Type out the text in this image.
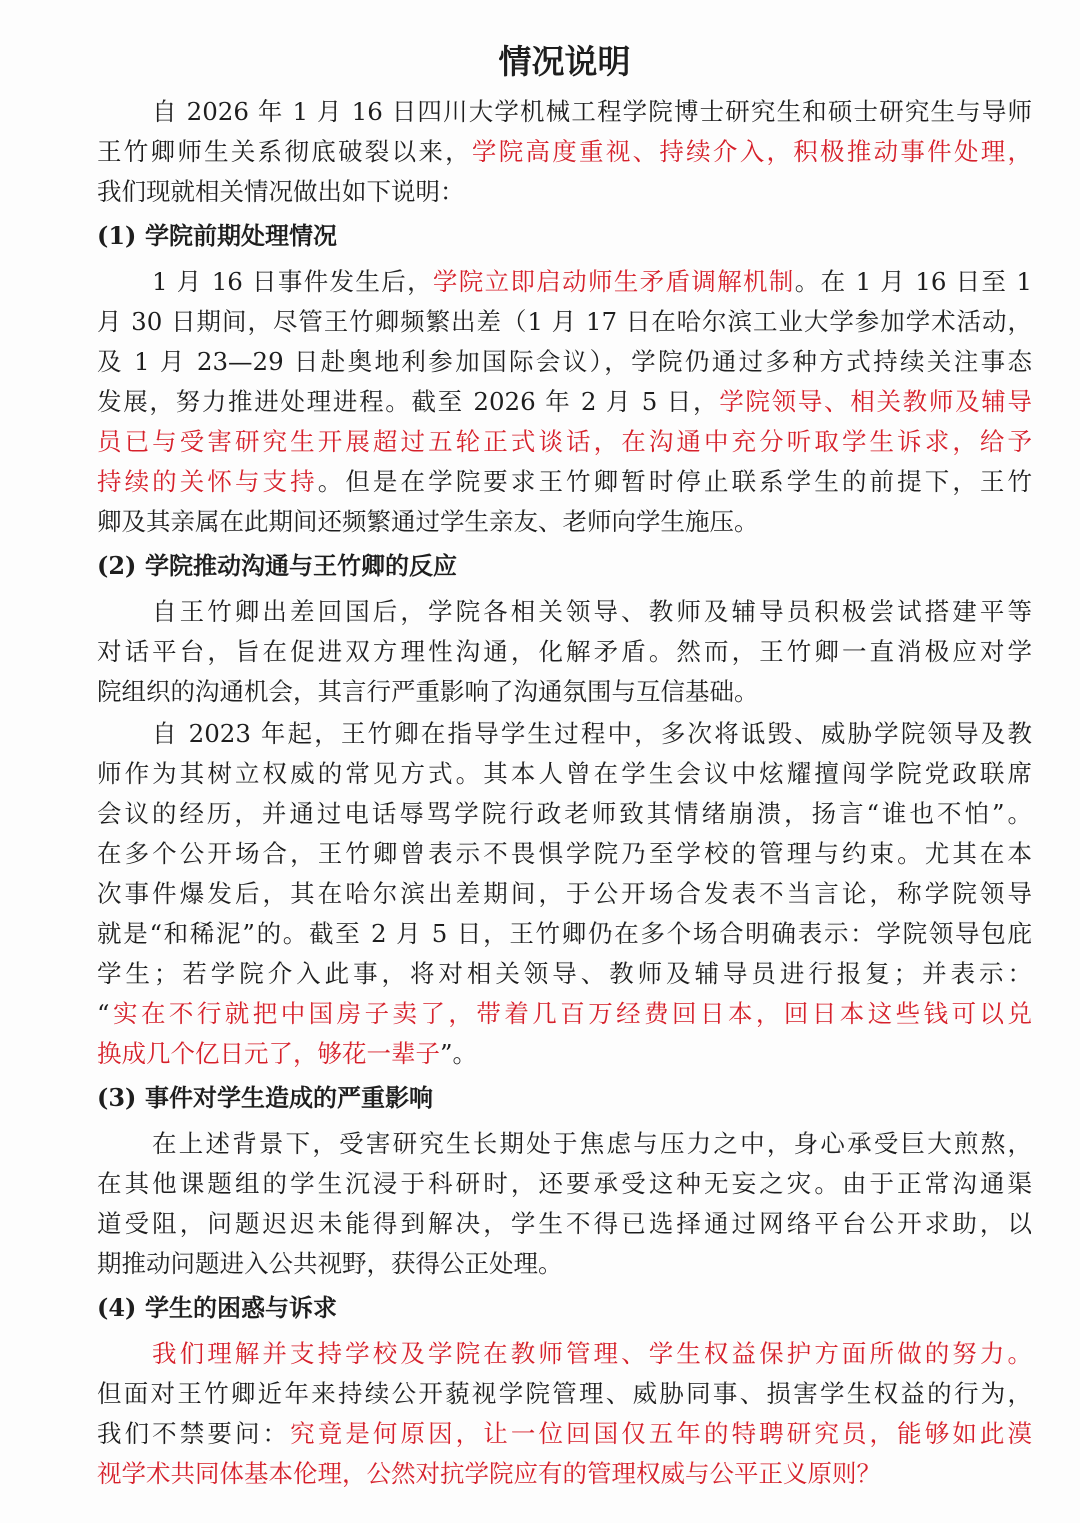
情况说明
自 2026 年 1 月 16 日四川大学机械工程学院博士研究生和硕士研究生与导师
王竹卿师生关系彻底破裂以来，学院高度重视、持续介入，积极推动事件处理，
我们现就相关情况做出如下说明：
(1) 学院前期处理情况
1 月 16 日事件发生后，学院立即启动师生矛盾调解机制。在 1 月 16 日至 1
月 30 日期间，尽管王竹卿频繁出差（1 月 17 日在哈尔滨工业大学参加学术活动，
及 1 月 23—29 日赴奥地利参加国际会议），学院仍通过多种方式持续关注事态
发展，努力推进处理进程。截至 2026 年 2 月 5 日，学院领导、相关教师及辅导
员已与受害研究生开展超过五轮正式谈话，在沟通中充分听取学生诉求，给予
持续的关怀与支持。但是在学院要求王竹卿暂时停止联系学生的前提下，王竹
卿及其亲属在此期间还频繁通过学生亲友、老师向学生施压。
(2) 学院推动沟通与王竹卿的反应
自王竹卿出差回国后，学院各相关领导、教师及辅导员积极尝试搭建平等
对话平台，旨在促进双方理性沟通，化解矛盾。然而，王竹卿一直消极应对学
院组织的沟通机会，其言行严重影响了沟通氛围与互信基础。
自 2023 年起，王竹卿在指导学生过程中，多次将诋毁、威胁学院领导及教
师作为其树立权威的常见方式。其本人曾在学生会议中炫耀擅闯学院党政联席
会议的经历，并通过电话辱骂学院行政老师致其情绪崩溃，扬言“谁也不怕”。
在多个公开场合，王竹卿曾表示不畏惧学院乃至学校的管理与约束。尤其在本
次事件爆发后，其在哈尔滨出差期间，于公开场合发表不当言论，称学院领导
就是“和稀泥”的。截至 2 月 5 日，王竹卿仍在多个场合明确表示：学院领导包庇
学生；若学院介入此事，将对相关领导、教师及辅导员进行报复；并表示：
“实在不行就把中国房子卖了，带着几百万经费回日本，回日本这些钱可以兑
换成几个亿日元了，够花一辈子”。
(3) 事件对学生造成的严重影响
在上述背景下，受害研究生长期处于焦虑与压力之中，身心承受巨大煎熬，
在其他课题组的学生沉浸于科研时，还要承受这种无妄之灾。由于正常沟通渠
道受阻，问题迟迟未能得到解决，学生不得已选择通过网络平台公开求助，以
期推动问题进入公共视野，获得公正处理。
(4) 学生的困惑与诉求
我们理解并支持学校及学院在教师管理、学生权益保护方面所做的努力。
但面对王竹卿近年来持续公开藐视学院管理、威胁同事、损害学生权益的行为，
我们不禁要问：究竟是何原因，让一位回国仅五年的特聘研究员，能够如此漠
视学术共同体基本伦理，公然对抗学院应有的管理权威与公平正义原则？
